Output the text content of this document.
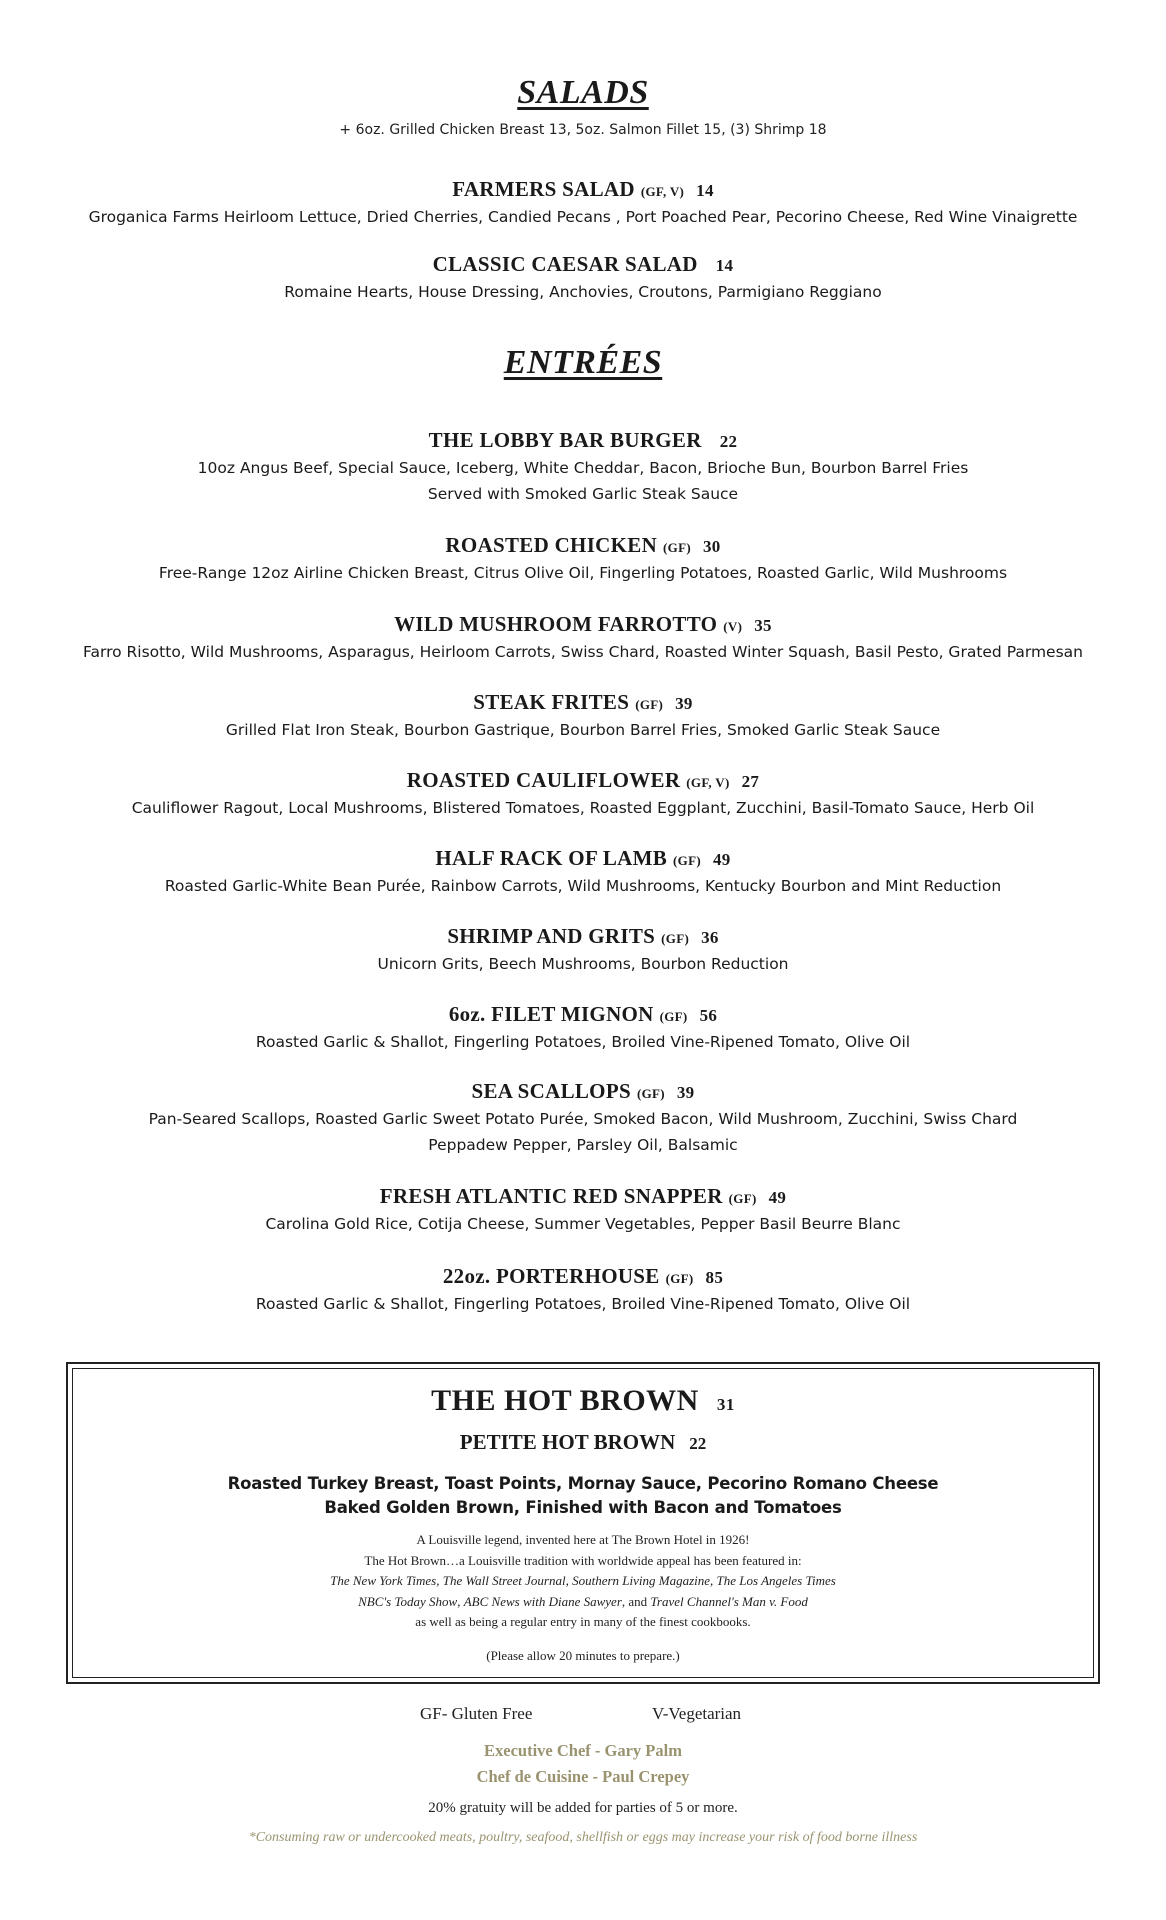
SALADS
+ 6oz. Grilled Chicken Breast 13, 5oz. Salmon Fillet 15, (3) Shrimp 18
FARMERS SALAD (GF, V) 14
Groganica Farms Heirloom Lettuce, Dried Cherries, Candied Pecans , Port Poached Pear, Pecorino Cheese, Red Wine Vinaigrette
CLASSIC CAESAR SALAD 14
Romaine Hearts, House Dressing, Anchovies, Croutons, Parmigiano Reggiano
ENTRÉES
THE LOBBY BAR BURGER 22
10oz Angus Beef, Special Sauce, Iceberg, White Cheddar, Bacon, Brioche Bun, Bourbon Barrel Fries
Served with Smoked Garlic Steak Sauce
ROASTED CHICKEN (GF) 30
Free-Range 12oz Airline Chicken Breast, Citrus Olive Oil, Fingerling Potatoes, Roasted Garlic, Wild Mushrooms
WILD MUSHROOM FARROTTO (V) 35
Farro Risotto, Wild Mushrooms, Asparagus, Heirloom Carrots, Swiss Chard, Roasted Winter Squash, Basil Pesto, Grated Parmesan
STEAK FRITES (GF) 39
Grilled Flat Iron Steak, Bourbon Gastrique, Bourbon Barrel Fries, Smoked Garlic Steak Sauce
ROASTED CAULIFLOWER (GF, V) 27
Cauliflower Ragout, Local Mushrooms, Blistered Tomatoes, Roasted Eggplant, Zucchini, Basil-Tomato Sauce, Herb Oil
HALF RACK OF LAMB (GF) 49
Roasted Garlic-White Bean Purée, Rainbow Carrots, Wild Mushrooms, Kentucky Bourbon and Mint Reduction
SHRIMP AND GRITS (GF) 36
Unicorn Grits, Beech Mushrooms, Bourbon Reduction
6oz. FILET MIGNON (GF) 56
Roasted Garlic & Shallot, Fingerling Potatoes, Broiled Vine-Ripened Tomato, Olive Oil
SEA SCALLOPS (GF) 39
Pan-Seared Scallops, Roasted Garlic Sweet Potato Purée, Smoked Bacon, Wild Mushroom, Zucchini, Swiss Chard
Peppadew Pepper, Parsley Oil, Balsamic
FRESH ATLANTIC RED SNAPPER (GF) 49
Carolina Gold Rice, Cotija Cheese, Summer Vegetables, Pepper Basil Beurre Blanc
22oz. PORTERHOUSE (GF) 85
Roasted Garlic & Shallot, Fingerling Potatoes, Broiled Vine-Ripened Tomato, Olive Oil
THE HOT BROWN 31
PETITE HOT BROWN 22
Roasted Turkey Breast, Toast Points, Mornay Sauce, Pecorino Romano Cheese
Baked Golden Brown, Finished with Bacon and Tomatoes
A Louisville legend, invented here at The Brown Hotel in 1926!
The Hot Brown…a Louisville tradition with worldwide appeal has been featured in:
The New York Times, The Wall Street Journal, Southern Living Magazine, The Los Angeles Times
NBC's Today Show, ABC News with Diane Sawyer, and Travel Channel's Man v. Food
as well as being a regular entry in many of the finest cookbooks.
(Please allow 20 minutes to prepare.)
GF- Gluten Free	V-Vegetarian
Executive Chef - Gary Palm
Chef de Cuisine - Paul Crepey
20% gratuity will be added for parties of 5 or more.
*Consuming raw or undercooked meats, poultry, seafood, shellfish or eggs may increase your risk of food borne illness
